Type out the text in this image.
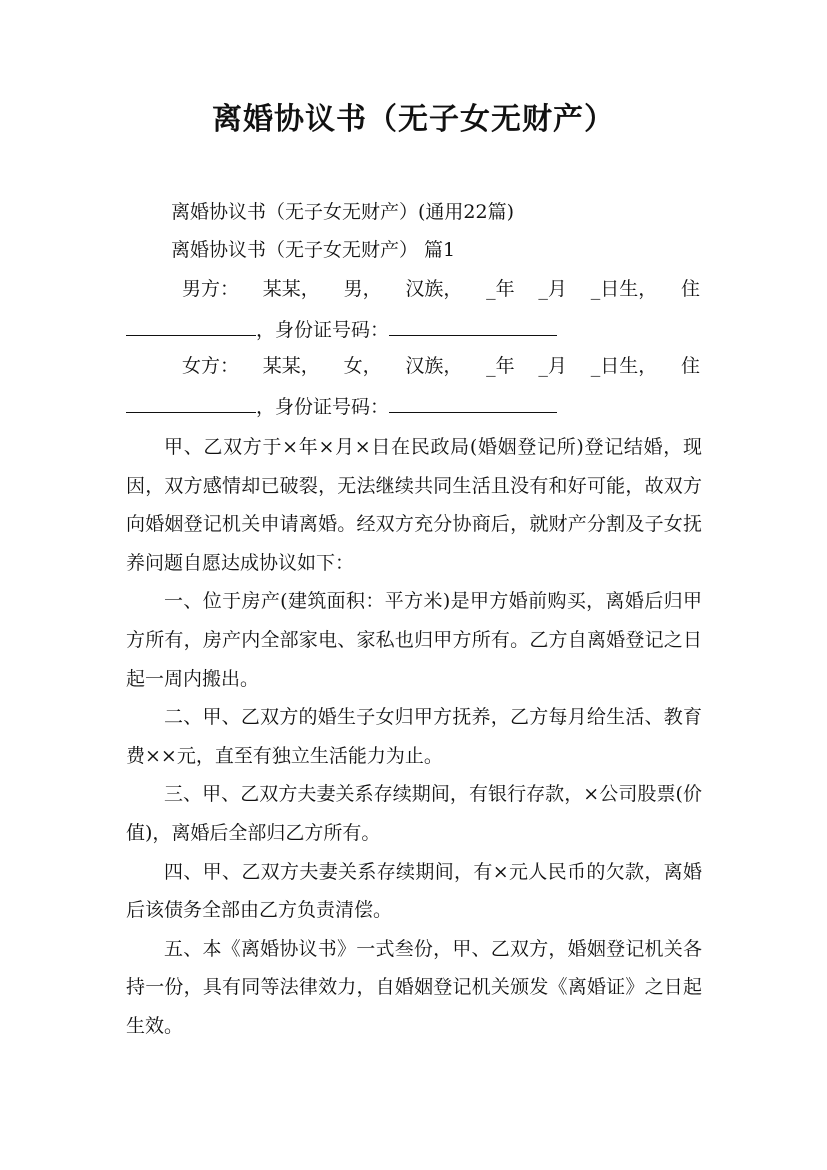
离婚协议书（无子女无财产）
离婚协议书（无子女无财产）(通用22篇)
离婚协议书（无子女无财产） 篇1
男方： 某某， 男， 汉族， _年 _月 _日生， 住
，身份证号码：
女方： 某某， 女， 汉族， _年 _月 _日生， 住
，身份证号码：

甲、乙双方于×年×月×日在民政局(婚姻登记所)登记结婚，现因，双方感情却已破裂，无法继续共同生活且没有和好可能，故双方向婚姻登记机关申请离婚。经双方充分协商后，就财产分割及子女抚养问题自愿达成协议如下：

一、位于房产(建筑面积：平方米)是甲方婚前购买，离婚后归甲方所有，房产内全部家电、家私也归甲方所有。乙方自离婚登记之日起一周内搬出。

二、甲、乙双方的婚生子女归甲方抚养，乙方每月给生活、教育费××元，直至有独立生活能力为止。

三、甲、乙双方夫妻关系存续期间，有银行存款，×公司股票(价值)，离婚后全部归乙方所有。

四、甲、乙双方夫妻关系存续期间，有×元人民币的欠款，离婚后该债务全部由乙方负责清偿。

五、本《离婚协议书》一式叁份，甲、乙双方，婚姻登记机关各持一份，具有同等法律效力，自婚姻登记机关颁发《离婚证》之日起生效。
